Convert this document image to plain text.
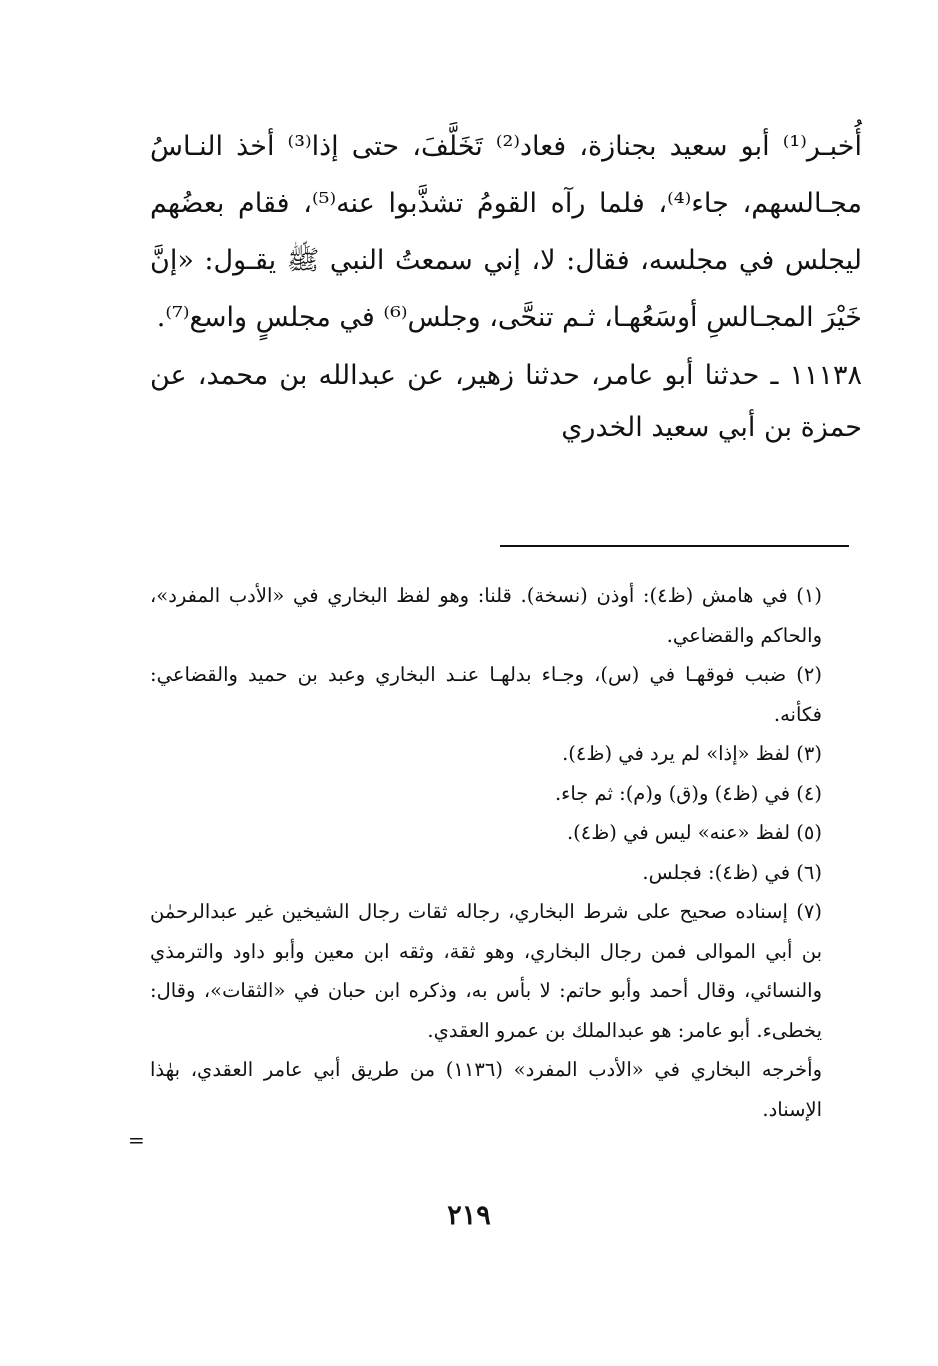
أُخبـر⁽¹⁾ أبو سعيد بجنازة، فعاد⁽²⁾ تَخَلَّفَ، حتى إذا⁽³⁾ أخذ النـاسُ مجـالسهم، جاء⁽⁴⁾، فلما رآه القومُ تشذَّبوا عنه⁽⁵⁾، فقام بعضُهم ليجلس في مجلسه، فقال: لا، إني سمعتُ النبي ﷺ يقـول: «إنَّ خَيْرَ المجـالسِ أوسَعُهـا، ثـم تنحَّى، وجلس⁽⁶⁾ في مجلسٍ واسع⁽⁷⁾.

١١١٣٨ ـ حدثنا أبو عامر، حدثنا زهير، عن عبدالله بن محمد، عن حمزة بن أبي سعيد الخدري

(١) في هامش (ظ٤): أوذن (نسخة). قلنا: وهو لفظ البخاري في «الأدب المفرد»، والحاكم والقضاعي.

(٢) ضبب فوقهـا في (س)، وجـاء بدلهـا عنـد البخاري وعبد بن حميد والقضاعي: فكأنه.

(٣) لفظ «إذا» لم يرد في (ظ٤).

(٤) في (ظ٤) و(ق) و(م): ثم جاء.

(٥) لفظ «عنه» ليس في (ظ٤).

(٦) في (ظ٤): فجلس.

(٧) إسناده صحيح على شرط البخاري، رجاله ثقات رجال الشيخين غير عبدالرحمٰن بن أبي الموالى فمن رجال البخاري، وهو ثقة، وثقه ابن معين وأبو داود والترمذي والنسائي، وقال أحمد وأبو حاتم: لا بأس به، وذكره ابن حبان في «الثقات»، وقال: يخطىء. أبو عامر: هو عبدالملك بن عمرو العقدي.

وأخرجه البخاري في «الأدب المفرد» (١١٣٦) من طريق أبي عامر العقدي، بهٰذا الإسناد.

=
٢١٩
